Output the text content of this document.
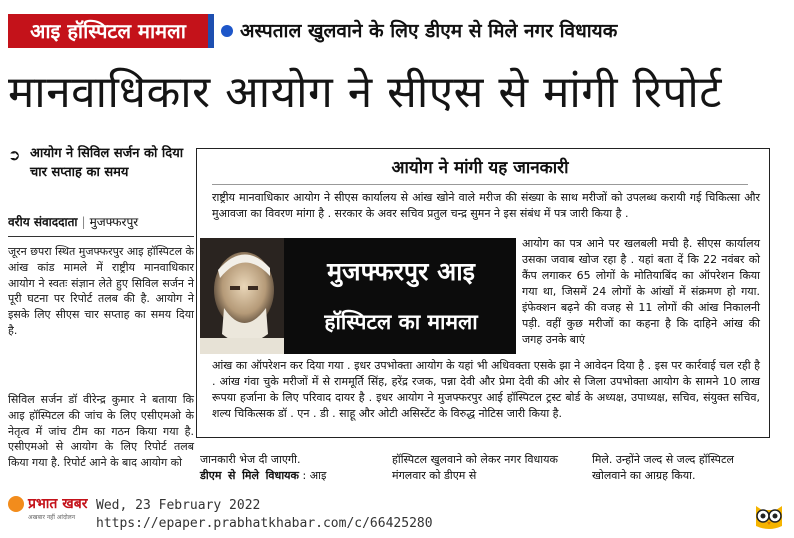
आइ हॉस्पिटल मामला	अस्पताल खुलवाने के लिए डीएम से मिले नगर विधायक
मानवाधिकार आयोग ने सीएस से मांगी रिपोर्ट
➲ आयोग ने सिविल सर्जन को दिया चार सप्ताह का समय
वरीय संवाददाता | मुजफ्फरपुर
जूरन छपरा स्थित मुजफ्फरपुर आइ हॉस्पिटल के आंख कांड मामले में राष्ट्रीय मानवाधिकार आयोग ने स्वतः संज्ञान लेते हुए सिविल सर्जन ने पूरी घटना पर रिपोर्ट तलब की है. आयोग ने इसके लिए सीएस चार सप्ताह का समय दिया है.
सिविल सर्जन डॉ वीरेन्द्र कुमार ने बताया कि आइ हॉस्पिटल की जांच के लिए एसीएमओ के नेतृत्व में जांच टीम का गठन किया गया है. एसीएमओ से आयोग के लिए रिपोर्ट तलब किया गया है. रिपोर्ट आने के बाद आयोग को
आयोग ने मांगी यह जानकारी
राष्ट्रीय मानवाधिकार आयोग ने सीएस कार्यालय से आंख खोने वाले मरीज की संख्या के साथ मरीजों को उपलब्ध करायी गई चिकित्सा और मुआवजा का विवरण मांगा है . सरकार के अवर सचिव प्रतुल चन्द्र सुमन ने इस संबंध में पत्र जारी किया है .
आयोग का पत्र आने पर खलबली मची है. सीएस कार्यालय उसका जवाब खोज रहा है . यहां बता दें कि 22 नवंबर को कैंप लगाकर 65 लोगों के मोतियाबिंद का ऑपरेशन किया गया था, जिसमें 24 लोगों के आंखों में संक्रमण हो गया. इंफेक्शन बढ़ने की वजह से 11 लोगों की आंख निकालनी पड़ी. वहीं कुछ मरीजों का कहना है कि दाहिने आंख की जगह उनके बाएं
आंख का ऑपरेशन कर दिया गया . इधर उपभोक्ता आयोग के यहां भी अधिवक्ता एसके झा ने आवेदन दिया है . इस पर कार्रवाई चल रही है . आंख गंवा चुके मरीजों में से राममूर्ति सिंह, हरेंद्र रजक, पन्ना देवी और प्रेमा देवी की ओर से जिला उपभोक्ता आयोग के सामने 10 लाख रूपया हर्जाना के लिए परिवाद दायर है . इधर आयोग ने मुजफ्फरपुर आई हॉस्पिटल ट्रस्ट बोर्ड के अध्यक्ष, उपाध्यक्ष, सचिव, संयुक्त सचिव, शल्य चिकित्सक डॉ . एन . डी . साहू और ओटी असिस्टेंट के विरुद्ध नोटिस जारी किया है.
मुजफ्फरपुर आइ
हॉस्पिटल का मामला
जानकारी भेज दी जाएगी.
डीएम से मिले विधायक : आइ
हॉस्पिटल खुलवाने को लेकर नगर विधायक मंगलवार को डीएम से
मिले. उन्होंने जल्द से जल्द हॉस्पिटल खोलवाने का आग्रह किया.
प्रभात खबर
अखबार नहीं आंदोलन
Wed, 23 February 2022
https://epaper.prabhatkhabar.com/c/66425280
